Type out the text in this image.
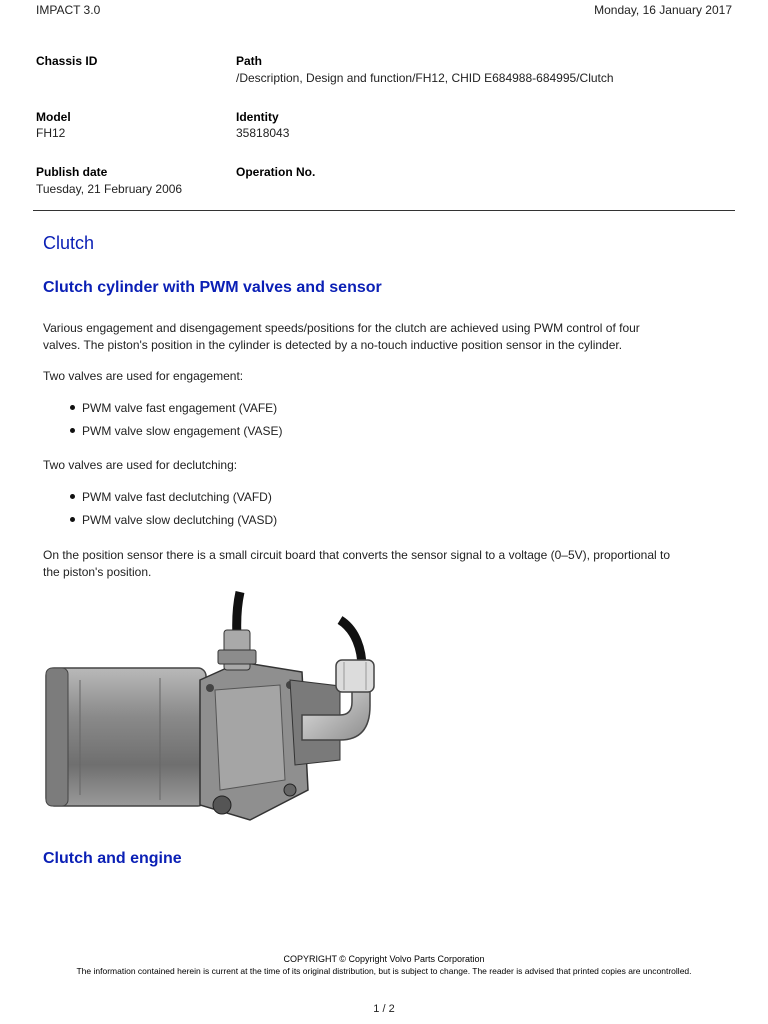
IMPACT 3.0	Monday, 16 January 2017
Chassis ID	Path
/Description, Design and function/FH12, CHID E684988-684995/Clutch
Model
FH12
Identity
35818043
Publish date
Tuesday, 21 February 2006
Operation No.
Clutch
Clutch cylinder with PWM valves and sensor
Various engagement and disengagement speeds/positions for the clutch are achieved using PWM control of four
valves. The piston's position in the cylinder is detected by a no-touch inductive position sensor in the cylinder.
Two valves are used for engagement:
PWM valve fast engagement (VAFE)
PWM valve slow engagement (VASE)
Two valves are used for declutching:
PWM valve fast declutching (VAFD)
PWM valve slow declutching (VASD)
On the position sensor there is a small circuit board that converts the sensor signal to a voltage (0–5V), proportional to
the piston's position.
Clutch and engine
COPYRIGHT © Copyright Volvo Parts Corporation
The information contained herein is current at the time of its original distribution, but is subject to change. The reader is advised that printed copies are uncontrolled.
1 / 2
